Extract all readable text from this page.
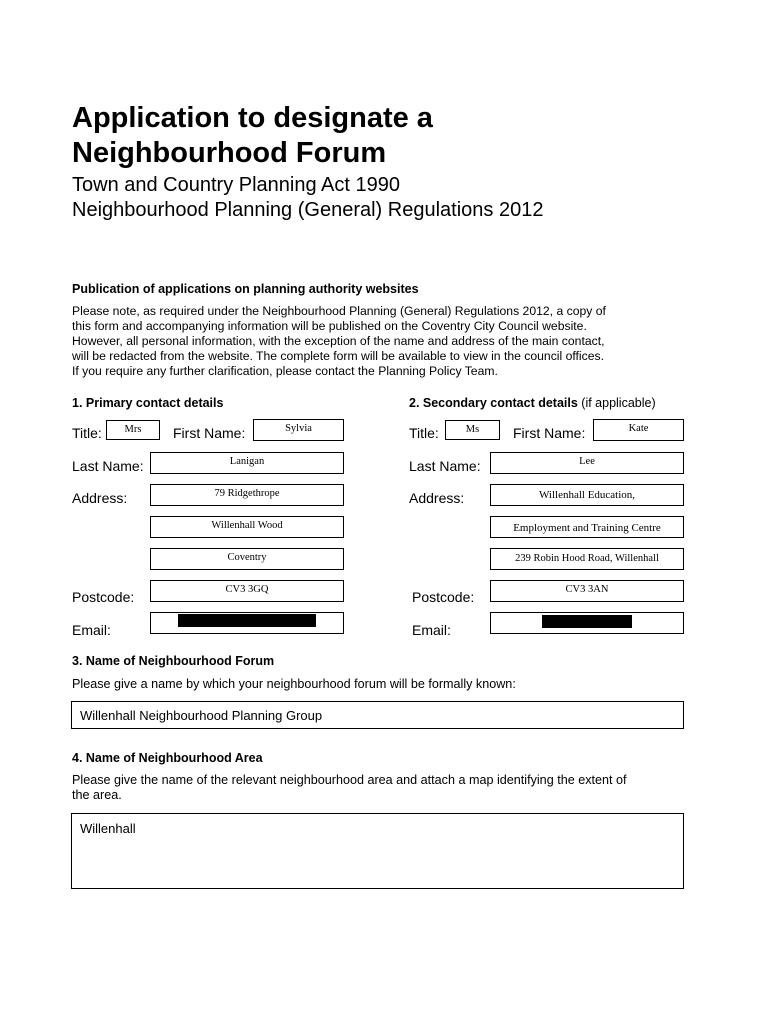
Application to designate a
Neighbourhood Forum
Town and Country Planning Act 1990
Neighbourhood Planning (General) Regulations 2012
Publication of applications on planning authority websites
Please note, as required under the Neighbourhood Planning (General) Regulations 2012, a copy of
this form and accompanying information will be published on the Coventry City Council website.
However, all personal information, with the exception of the name and address of the main contact,
will be redacted from the website. The complete form will be available to view in the council offices.
If you require any further clarification, please contact the Planning Policy Team.
1. Primary contact details	2. Secondary contact details (if applicable)
Title:	Mrs	First Name:	Sylvia
Last Name:	Lanigan
Address:	79 Ridgethrope
Willenhall Wood
Coventry
Postcode:	CV3 3GQ
Email:
Title:	Ms	First Name:	Kate
Last Name:	Lee
Address:	Willenhall Education,
Employment and Training Centre
239 Robin Hood Road, Willenhall
Postcode:	CV3 3AN
Email:
3. Name of Neighbourhood Forum
Please give a name by which your neighbourhood forum will be formally known:
Willenhall Neighbourhood Planning Group
4. Name of Neighbourhood Area
Please give the name of the relevant neighbourhood area and attach a map identifying the extent of
the area.
Willenhall
